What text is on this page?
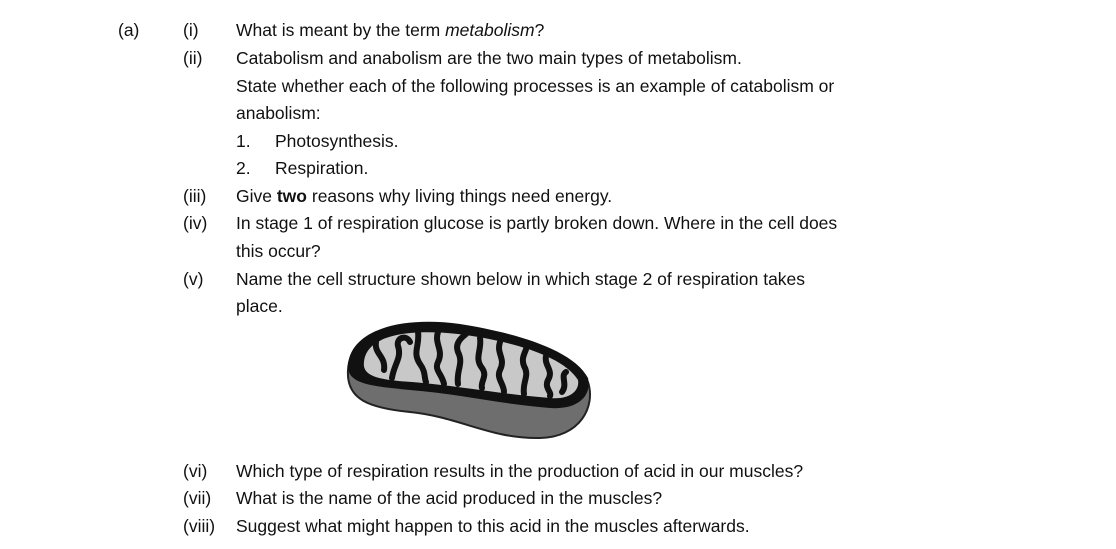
(a) (i) What is meant by the term metabolism?
(ii) Catabolism and anabolism are the two main types of metabolism.
State whether each of the following processes is an example of catabolism or
anabolism:
1. Photosynthesis.
2. Respiration.
(iii) Give two reasons why living things need energy.
(iv) In stage 1 of respiration glucose is partly broken down. Where in the cell does
this occur?
(v) Name the cell structure shown below in which stage 2 of respiration takes
place.
(vi) Which type of respiration results in the production of acid in our muscles?
(vii) What is the name of the acid produced in the muscles?
(viii) Suggest what might happen to this acid in the muscles afterwards.
